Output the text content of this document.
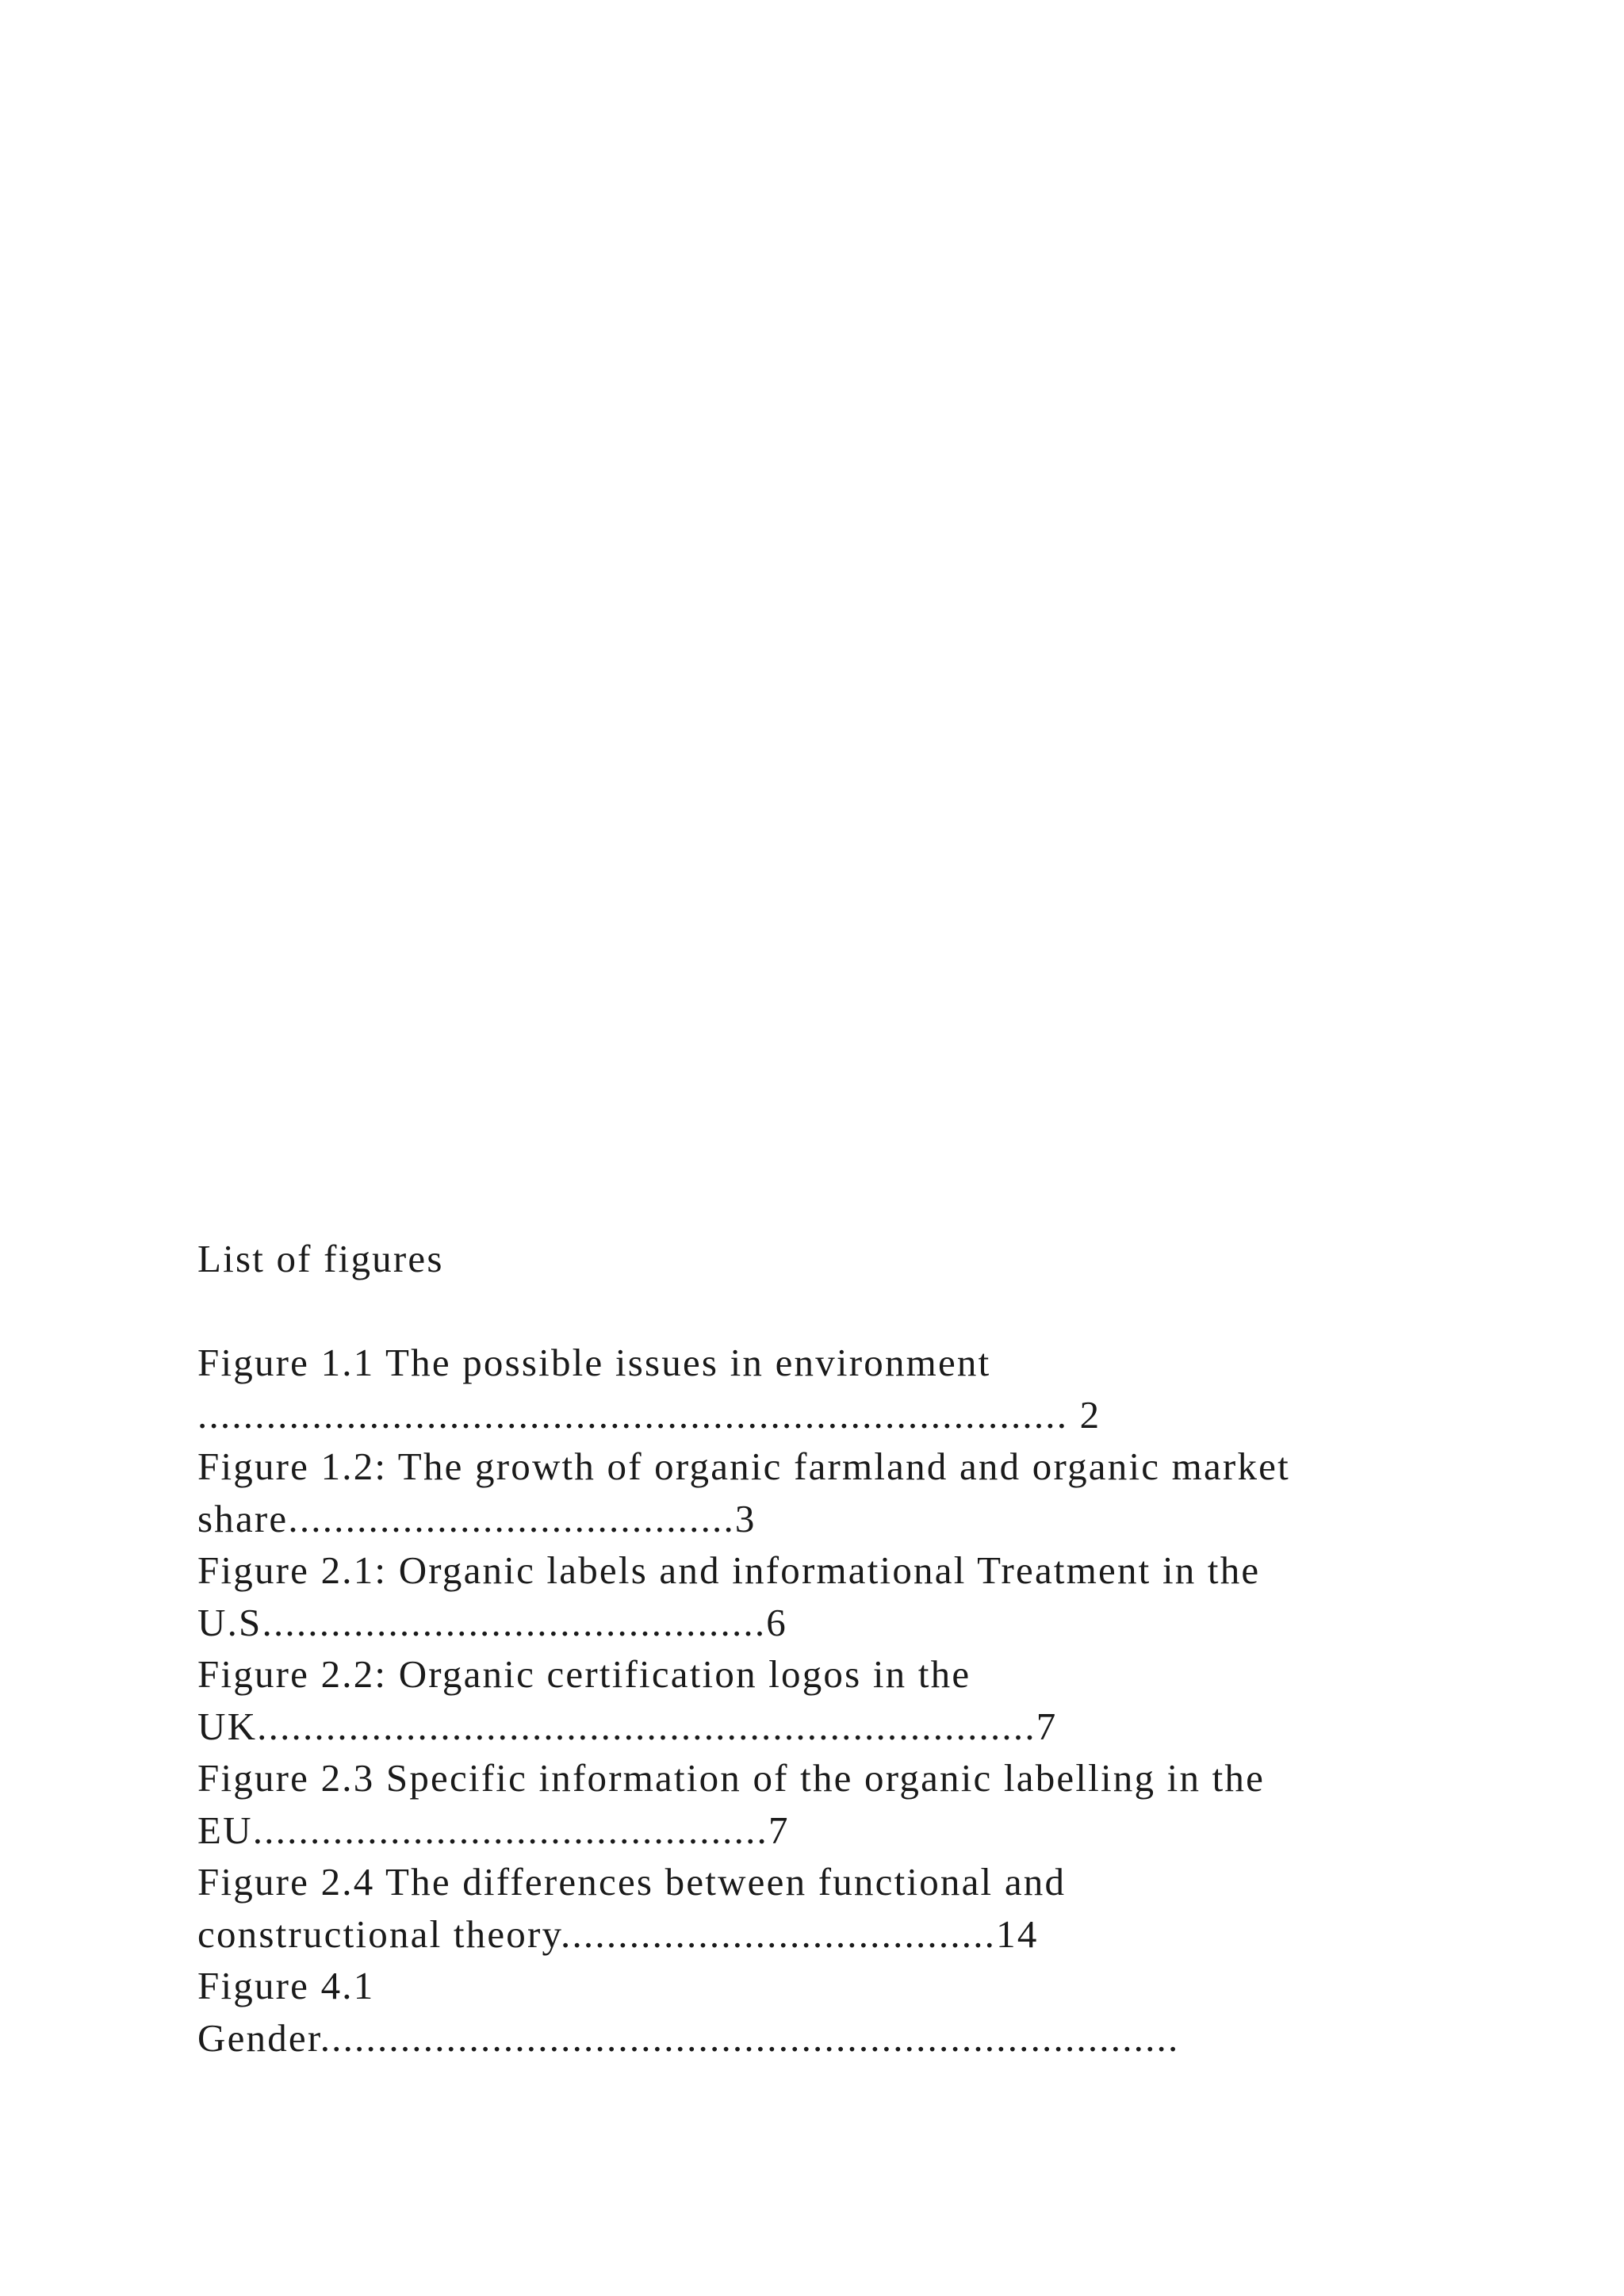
List of figures
Figure 1.1 The possible issues in environment
............................................................................ 2
Figure 1.2: The growth of organic farmland and organic market
share.......................................3
Figure 2.1: Organic labels and informational Treatment in the
U.S............................................6
Figure 2.2: Organic certification logos in the
UK....................................................................7
Figure 2.3 Specific information of the organic labelling in the
EU.............................................7
Figure 2.4 The differences between functional and
constructional theory......................................14
Figure 4.1
Gender...........................................................................
